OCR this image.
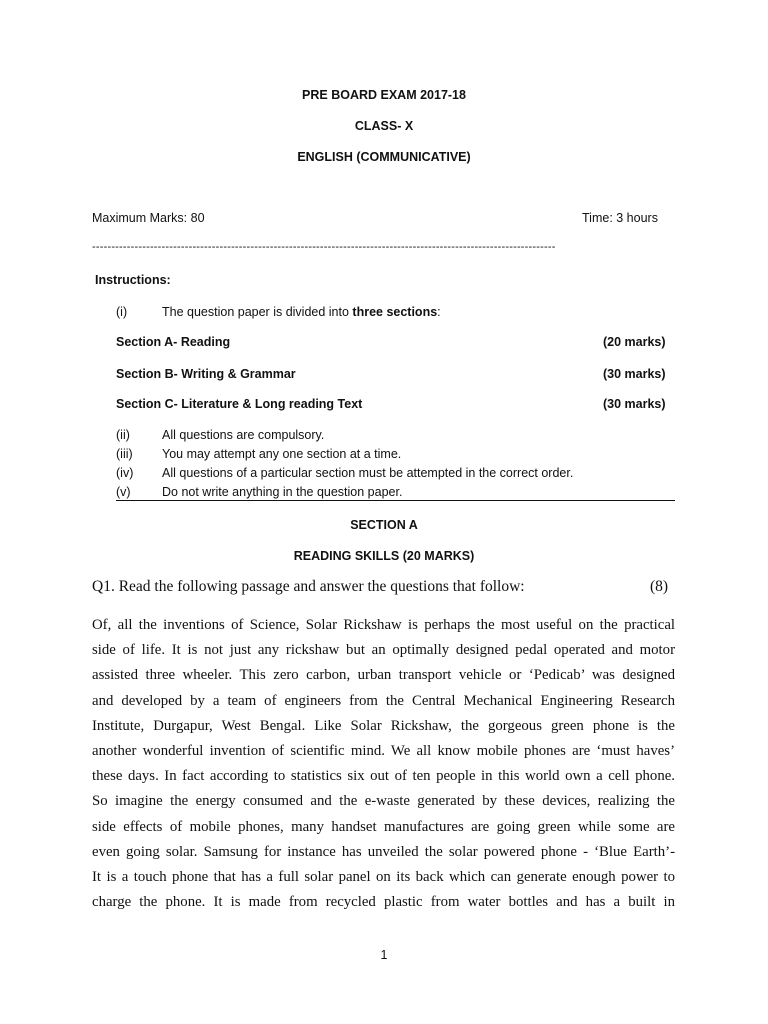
PRE BOARD EXAM 2017-18
CLASS- X
ENGLISH (COMMUNICATIVE)
Maximum Marks: 80	Time: 3 hours
------------------------------------------------------------------------------------------------------------------------
Instructions:
(i)	The question paper is divided into three sections:
Section A- Reading	(20 marks)
Section B- Writing & Grammar	(30 marks)
Section C- Literature & Long reading Text	(30 marks)
(ii)	All questions are compulsory.
(iii) You may attempt any one section at a time.
(iv) All questions of a particular section must be attempted in the correct order.
(v)	Do not write anything in the question paper.
SECTION A
READING SKILLS (20 MARKS)
Q1. Read the following passage and answer the questions that follow:	(8)
Of, all the inventions of Science, Solar Rickshaw is perhaps the most useful on the practical
side of life. It is not just any rickshaw but an optimally designed pedal operated and motor
assisted three wheeler. This zero carbon, urban transport vehicle or ‘Pedicab’ was designed
and developed by a team of engineers from the Central Mechanical Engineering Research
Institute, Durgapur, West Bengal. Like Solar Rickshaw, the gorgeous green phone is the
another wonderful invention of scientific mind. We all know mobile phones are ‘must haves’
these days. In fact according to statistics six out of ten people in this world own a cell phone.
So imagine the energy consumed and the e-waste generated by these devices, realizing the
side effects of mobile phones, many handset manufactures are going green while some are
even going solar. Samsung for instance has unveiled the solar powered phone - ‘Blue Earth’-
It is a touch phone that has a full solar panel on its back which can generate enough power to
charge the phone. It is made from recycled plastic from water bottles and has a built in
1
